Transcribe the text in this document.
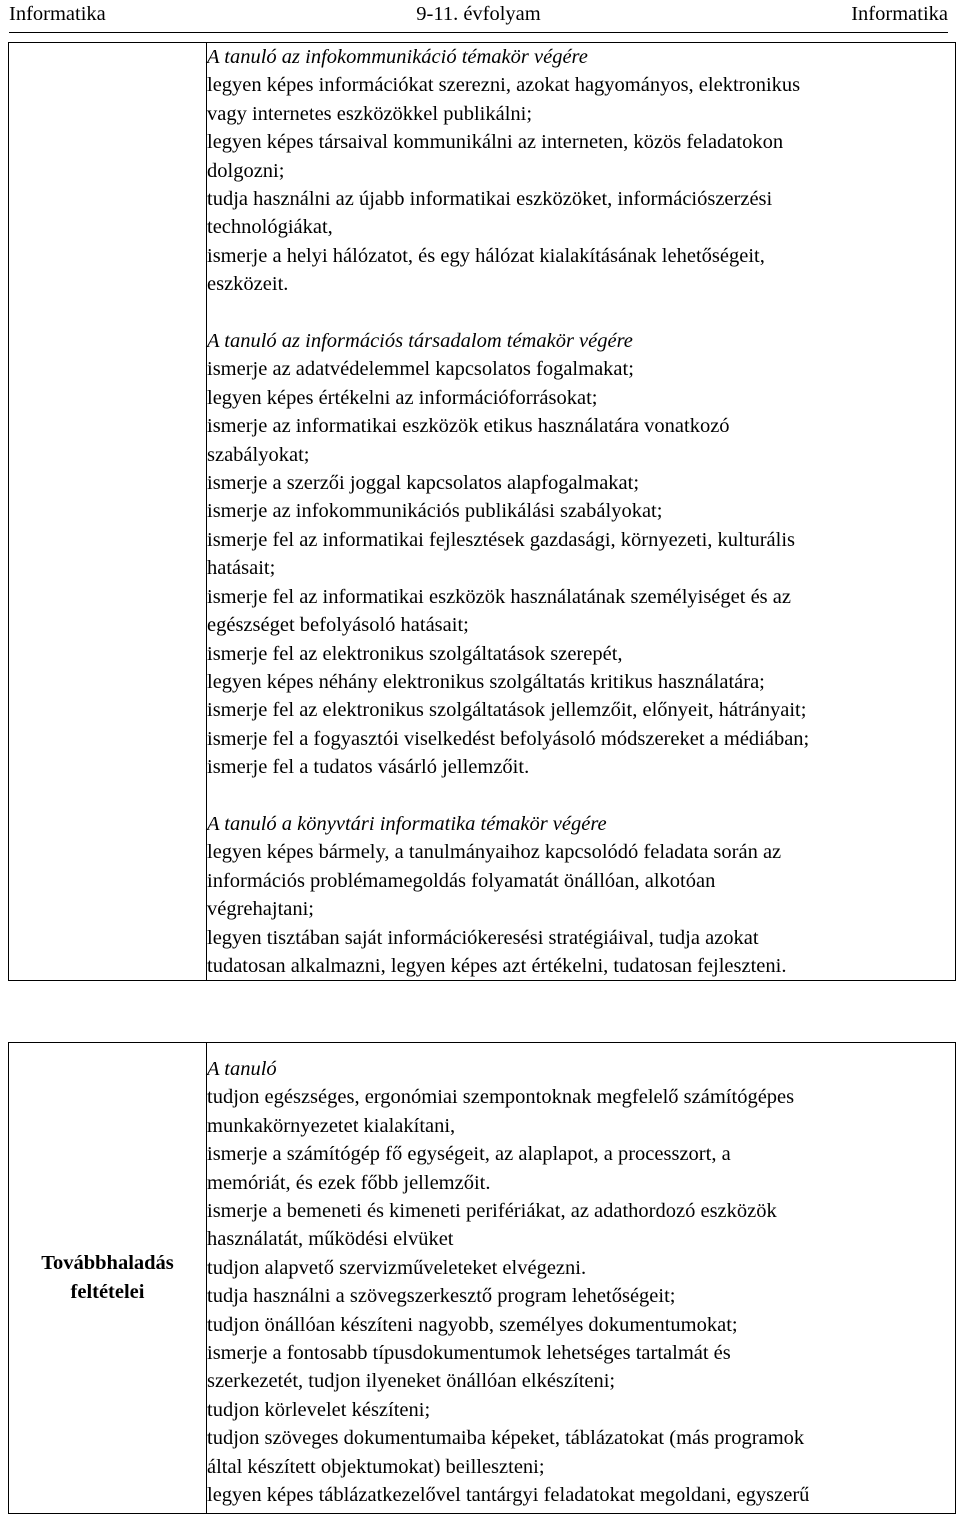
Informatika	9-11. évfolyam	Informatika

A tanuló az infokommunikáció témakör végére
legyen képes információkat szerezni, azokat hagyományos, elektronikus
vagy internetes eszközökkel publikálni;
legyen képes társaival kommunikálni az interneten, közös feladatokon
dolgozni;
tudja használni az újabb informatikai eszközöket, információszerzési
technológiákat,
ismerje a helyi hálózatot, és egy hálózat kialakításának lehetőségeit,
eszközeit.
A tanuló az információs társadalom témakör végére
ismerje az adatvédelemmel kapcsolatos fogalmakat;
legyen képes értékelni az információforrásokat;
ismerje az informatikai eszközök etikus használatára vonatkozó
szabályokat;
ismerje a szerzői joggal kapcsolatos alapfogalmakat;
ismerje az infokommunikációs publikálási szabályokat;
ismerje fel az informatikai fejlesztések gazdasági, környezeti, kulturális
hatásait;
ismerje fel az informatikai eszközök használatának személyiséget és az
egészséget befolyásoló hatásait;
ismerje fel az elektronikus szolgáltatások szerepét,
legyen képes néhány elektronikus szolgáltatás kritikus használatára;
ismerje fel az elektronikus szolgáltatások jellemzőit, előnyeit, hátrányait;
ismerje fel a fogyasztói viselkedést befolyásoló módszereket a médiában;
ismerje fel a tudatos vásárló jellemzőit.
A tanuló a könyvtári informatika témakör végére
legyen képes bármely, a tanulmányaihoz kapcsolódó feladata során az
információs problémamegoldás folyamatát önállóan, alkotóan
végrehajtani;
legyen tisztában saját információkeresési stratégiáival, tudja azokat
tudatosan alkalmazni, legyen képes azt értékelni, tudatosan fejleszteni.
Továbbhaladás
feltételei

A tanuló
tudjon egészséges, ergonómiai szempontoknak megfelelő számítógépes
munkakörnyezetet kialakítani,
ismerje a számítógép fő egységeit, az alaplapot, a processzort, a
memóriát, és ezek főbb jellemzőit.
ismerje a bemeneti és kimeneti perifériákat, az adathordozó eszközök
használatát, működési elvüket
tudjon alapvető szervizműveleteket elvégezni.
tudja használni a szövegszerkesztő program lehetőségeit;
tudjon önállóan készíteni nagyobb, személyes dokumentumokat;
ismerje a fontosabb típusdokumentumok lehetséges tartalmát és
szerkezetét, tudjon ilyeneket önállóan elkészíteni;
tudjon körlevelet készíteni;
tudjon szöveges dokumentumaiba képeket, táblázatokat (más programok
által készített objektumokat) beilleszteni;
legyen képes táblázatkezelővel tantárgyi feladatokat megoldani, egyszerű
